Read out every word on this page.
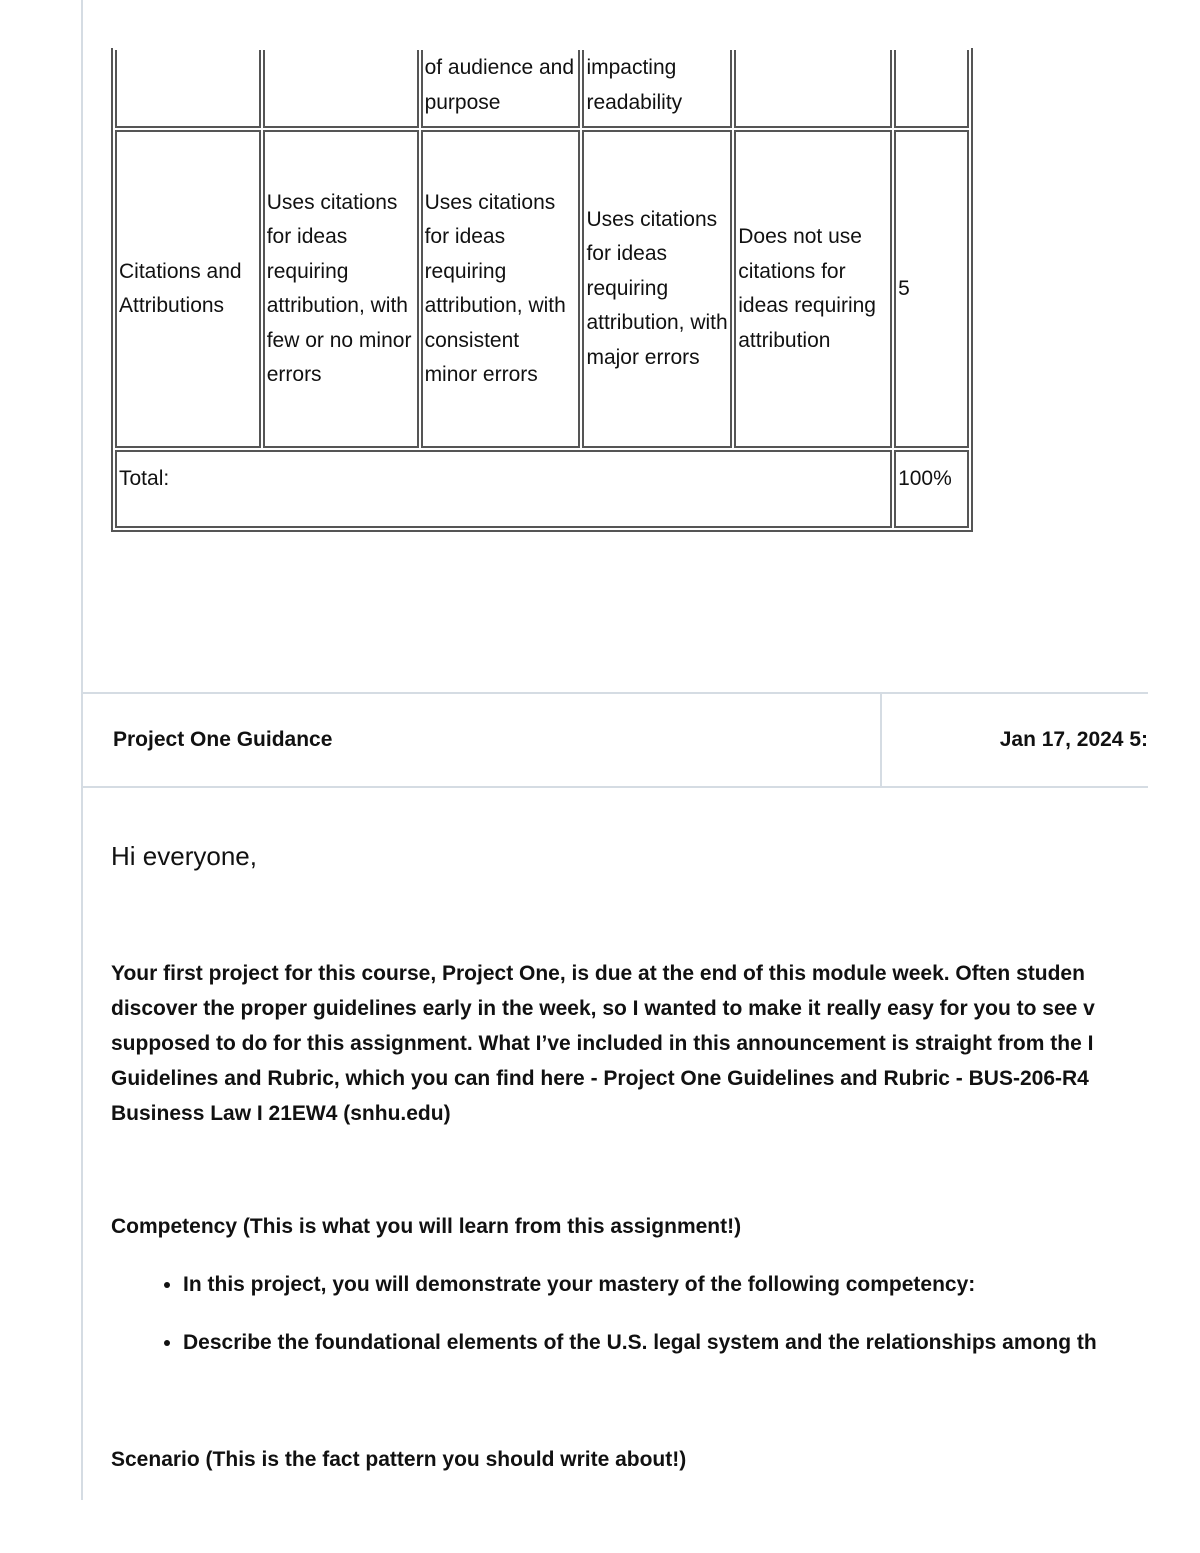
		of audience and purpose	impacting readability		
Citations and Attributions	Uses citations for ideas requiring attribution, with few or no minor errors	Uses citations for ideas requiring attribution, with consistent minor errors	Uses citations for ideas requiring attribution, with major errors	Does not use citations for ideas requiring attribution	5
Total:					100%
Project One Guidance	Jan 17, 2024 5:
Hi everyone,

Your first project for this course, Project One, is due at the end of this module week. Often studen

discover the proper guidelines early in the week, so I wanted to make it really easy for you to see v

supposed to do for this assignment. What I’ve included in this announcement is straight from the I

Guidelines and Rubric, which you can find here - Project One Guidelines and Rubric - BUS-206-R4

Business Law I 21EW4 (snhu.edu)

Competency (This is what you will learn from this assignment!)
• In this project, you will demonstrate your mastery of the following competency:
• Describe the foundational elements of the U.S. legal system and the relationships among th
Scenario (This is the fact pattern you should write about!)
